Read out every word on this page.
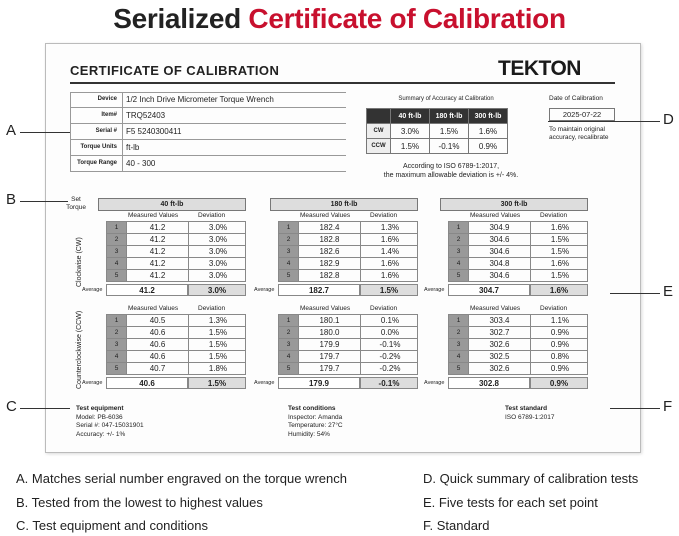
Serialized Certificate of Calibration
CERTIFICATE OF CALIBRATION	TEKTON
Device 1/2 Inch Drive Micrometer Torque Wrench
Item# TRQ52403
Serial # F5 5240300411
Torque Units ft-lb
Torque Range 40 - 300
Summary of Accuracy at Calibration
	40 ft-lb	180 ft-lb	300 ft-lb
CW	3.0%	1.5%	1.6%
CCW	1.5%	-0.1%	0.9%
According to ISO 6789-1:2017,
the maximum allowable deviation is +/- 4%.
Date of Calibration
2025-07-22
To maintain original accuracy, recalibrate
Set Torque
Clockwise (CW)
Counterclockwise (CCW)
40 ft-lb
Measured Values	Deviation
1	41.2	3.0%
2	41.2	3.0%
3	41.2	3.0%
4	41.2	3.0%
5	41.2	3.0%
Average	41.2	3.0%
Measured Values	Deviation
1	40.5	1.3%
2	40.6	1.5%
3	40.6	1.5%
4	40.6	1.5%
5	40.7	1.8%
Average	40.6	1.5%
180 ft-lb
Measured Values	Deviation
1	182.4	1.3%
2	182.8	1.6%
3	182.6	1.4%
4	182.9	1.6%
5	182.8	1.6%
Average	182.7	1.5%
Measured Values	Deviation
1	180.1	0.1%
2	180.0	0.0%
3	179.9	-0.1%
4	179.7	-0.2%
5	179.7	-0.2%
Average	179.9	-0.1%
300 ft-lb
Measured Values	Deviation
1	304.9	1.6%
2	304.6	1.5%
3	304.6	1.5%
4	304.8	1.6%
5	304.6	1.5%
Average	304.7	1.6%
Measured Values	Deviation
1	303.4	1.1%
2	302.7	0.9%
3	302.6	0.9%
4	302.5	0.8%
5	302.6	0.9%
Average	302.8	0.9%
Test equipment
Model: PB-6036
Serial #: 047-15031901
Accuracy: +/- 1%
Test conditions
Inspector: Amanda
Temperature: 27°C
Humidity: 54%
Test standard
ISO 6789-1:2017
A
B
C
D
E
F
A. Matches serial number engraved on the torque wrench
B. Tested from the lowest to highest values
C. Test equipment and conditions
D. Quick summary of calibration tests
E. Five tests for each set point
F. Standard
